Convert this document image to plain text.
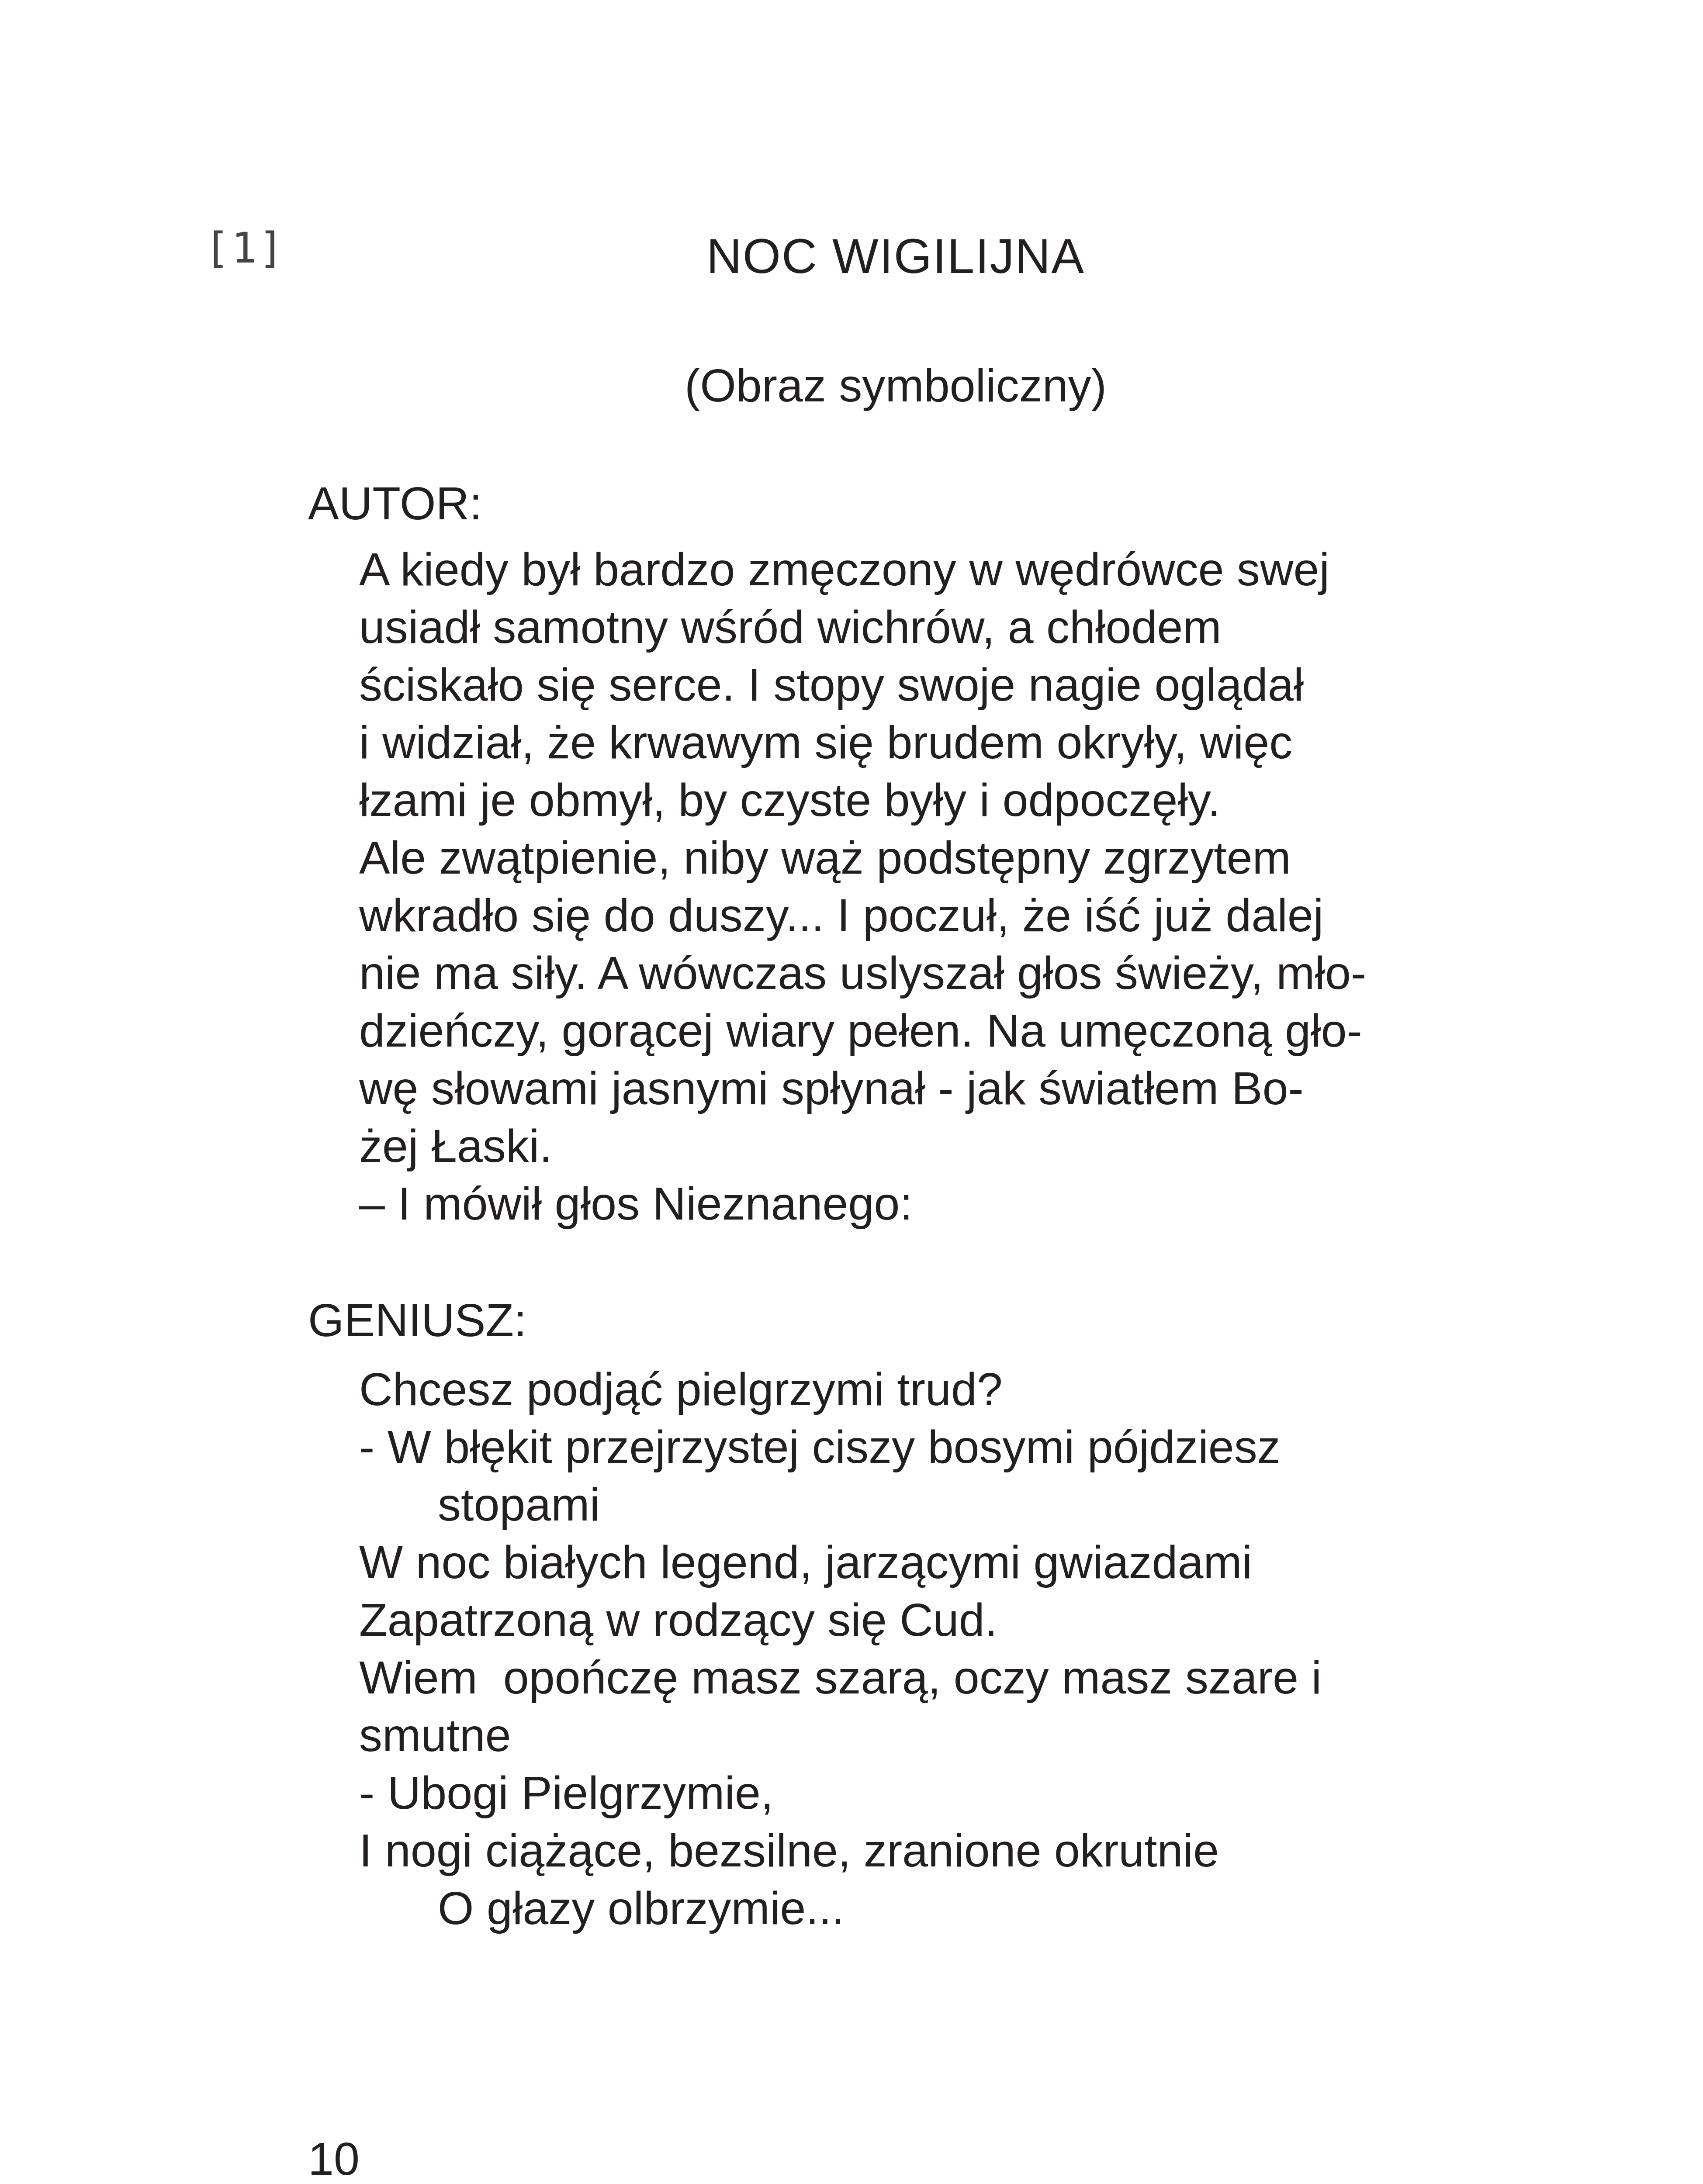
[1]	NOC WIGILIJNA
(Obraz symboliczny)
AUTOR:
A kiedy był bardzo zmęczony w wędrówce swej
usiadł samotny wśród wichrów, a chłodem
ściskało się serce. I stopy swoje nagie oglądał
i widział, że krwawym się brudem okryły, więc
łzami je obmył, by czyste były i odpoczęły.
Ale zwątpienie, niby wąż podstępny zgrzytem
wkradło się do duszy... I poczuł, że iść już dalej
nie ma siły. A wówczas uslyszał głos świeży, mło-
dzieńczy, gorącej wiary pełen. Na umęczoną gło-
wę słowami jasnymi spłynał - jak światłem Bo-
żej Łaski.
– I mówił głos Nieznanego:
GENIUSZ:
Chcesz podjąć pielgrzymi trud?
- W błękit przejrzystej ciszy bosymi pójdziesz
stopami
W noc białych legend, jarzącymi gwiazdami
Zapatrzoną w rodzący się Cud.
Wiem  opończę masz szarą, oczy masz szare i
smutne
- Ubogi Pielgrzymie,
I nogi ciążące, bezsilne, zranione okrutnie
O głazy olbrzymie...
10
